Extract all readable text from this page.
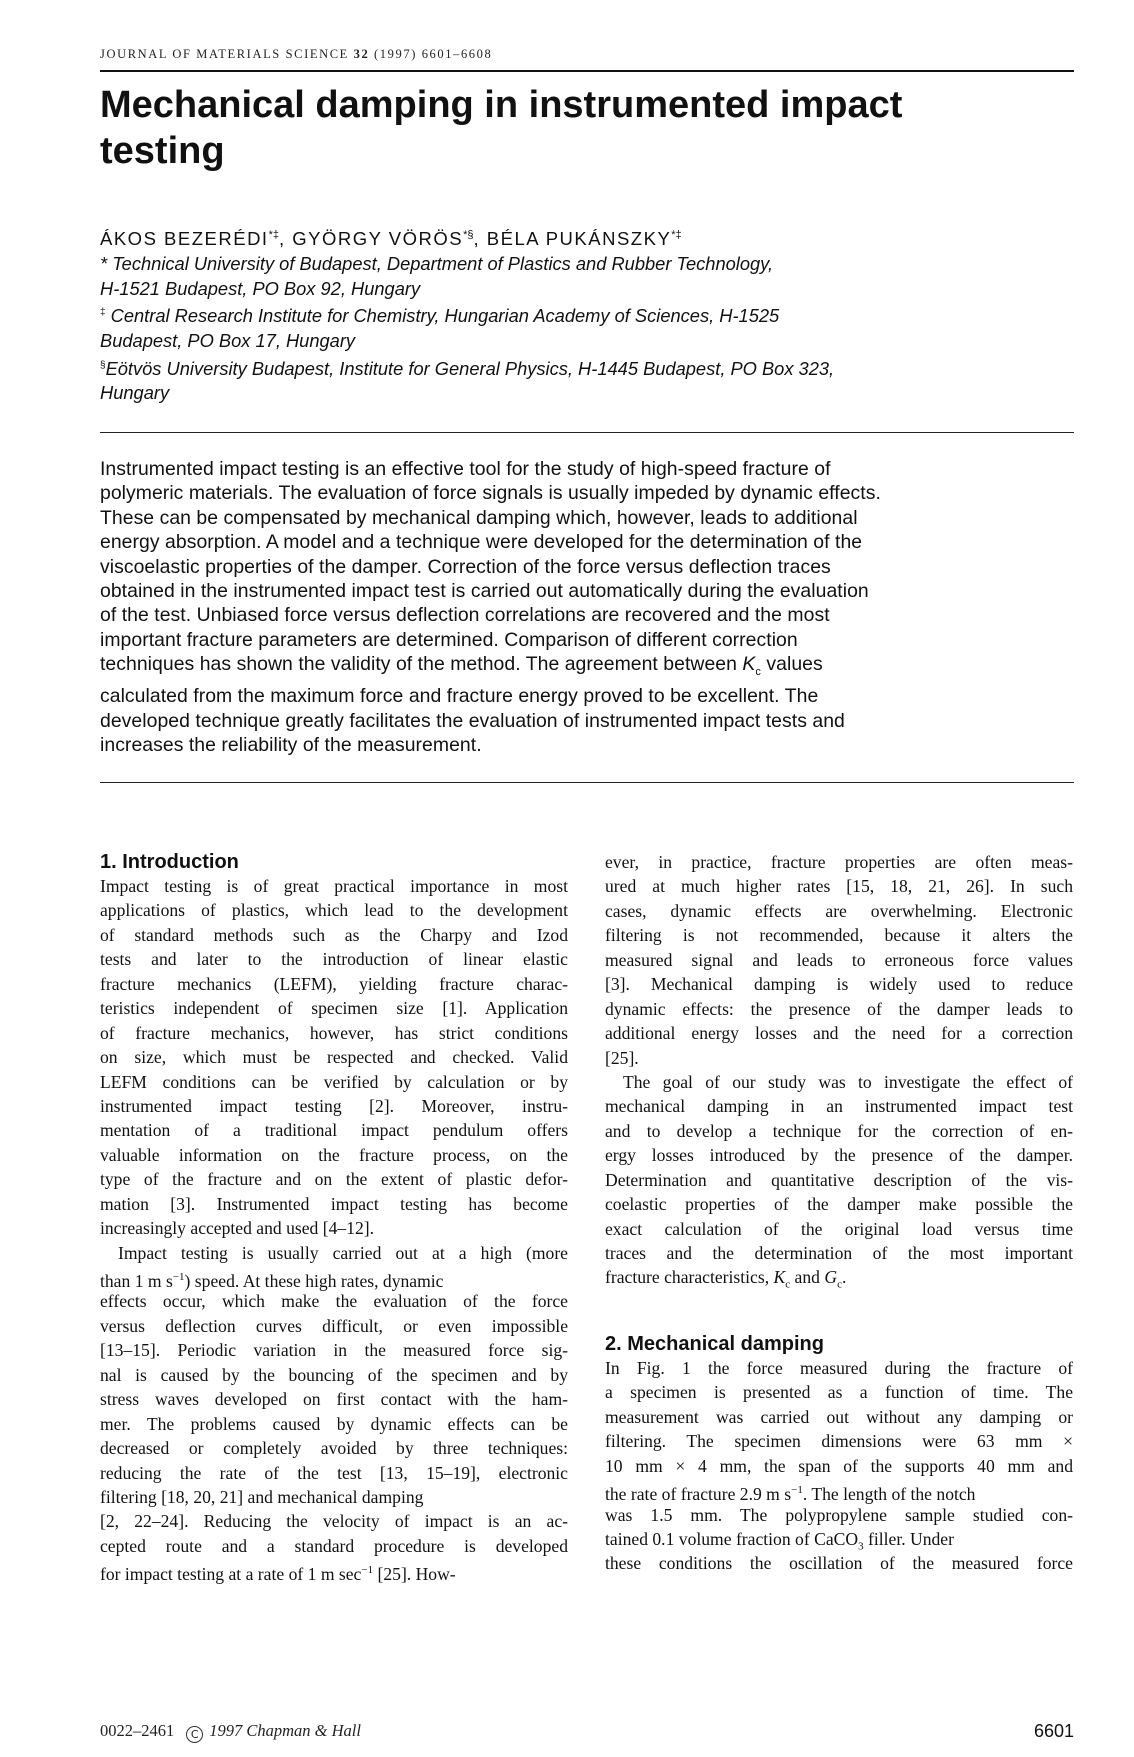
JOURNAL OF MATERIALS SCIENCE 32 (1997) 6601–6608
Mechanical damping in instrumented impact
testing
ÁKOS BEZERÉDI*‡, GYÖRGY VÖRÖS*§, BÉLA PUKÁNSZKY*‡
* Technical University of Budapest, Department of Plastics and Rubber Technology,
H-1521 Budapest, PO Box 92, Hungary
‡ Central Research Institute for Chemistry, Hungarian Academy of Sciences, H-1525
Budapest, PO Box 17, Hungary
§Eötvös University Budapest, Institute for General Physics, H-1445 Budapest, PO Box 323,
Hungary
Instrumented impact testing is an effective tool for the study of high-speed fracture of
polymeric materials. The evaluation of force signals is usually impeded by dynamic effects.
These can be compensated by mechanical damping which, however, leads to additional
energy absorption. A model and a technique were developed for the determination of the
viscoelastic properties of the damper. Correction of the force versus deflection traces
obtained in the instrumented impact test is carried out automatically during the evaluation
of the test. Unbiased force versus deflection correlations are recovered and the most
important fracture parameters are determined. Comparison of different correction
techniques has shown the validity of the method. The agreement between $K_c$ values
calculated from the maximum force and fracture energy proved to be excellent. The
developed technique greatly facilitates the evaluation of instrumented impact tests and
increases the reliability of the measurement.
1. Introduction
Impact testing is of great practical importance in most
applications of plastics, which lead to the development
of standard methods such as the Charpy and Izod
tests and later to the introduction of linear elastic
fracture mechanics (LEFM), yielding fracture charac-
teristics independent of specimen size [1]. Application
of fracture mechanics, however, has strict conditions
on size, which must be respected and checked. Valid
LEFM conditions can be verified by calculation or by
instrumented impact testing [2]. Moreover, instru-
mentation of a traditional impact pendulum offers
valuable information on the fracture process, on the
type of the fracture and on the extent of plastic defor-
mation [3]. Instrumented impact testing has become
increasingly accepted and used [4–12].
Impact testing is usually carried out at a high (more
than 1 m $s^{-1}$) speed. At these high rates, dynamic
effects occur, which make the evaluation of the force
versus deflection curves difficult, or even impossible
[13–15]. Periodic variation in the measured force sig-
nal is caused by the bouncing of the specimen and by
stress waves developed on first contact with the ham-
mer. The problems caused by dynamic effects can be
decreased or completely avoided by three techniques:
reducing the rate of the test [13, 15–19], electronic
filtering [18, 20, 21] and mechanical damping
[2, 22–24]. Reducing the velocity of impact is an ac-
cepted route and a standard procedure is developed
for impact testing at a rate of 1 m $\sec^{-1} [25]$. How-
ever, in practice, fracture properties are often meas-
ured at much higher rates [15, 18, 21, 26]. In such
cases, dynamic effects are overwhelming. Electronic
filtering is not recommended, because it alters the
measured signal and leads to erroneous force values
[3]. Mechanical damping is widely used to reduce
dynamic effects: the presence of the damper leads to
additional energy losses and the need for a correction
[25].
The goal of our study was to investigate the effect of
mechanical damping in an instrumented impact test
and to develop a technique for the correction of en-
ergy losses introduced by the presence of the damper.
Determination and quantitative description of the vis-
coelastic properties of the damper make possible the
exact calculation of the original load versus time
traces and the determination of the most important
fracture characteristics, $K_c$ and $G_c$.
2. Mechanical damping
In Fig. 1 the force measured during the fracture of
a specimen is presented as a function of time. The
measurement was carried out without any damping or
filtering. The specimen dimensions were 63 mm ×
10 mm × 4 mm, the span of the supports 40 mm and
the rate of fracture 2.9 m $s^{-1}$. The length of the notch
was 1.5 mm. The polypropylene sample studied con-
tained 0.1 volume fraction of CaCO$_3$ filler. Under
these conditions the oscillation of the measured force
0022–2461 C 1997 Chapman & Hall	6601
